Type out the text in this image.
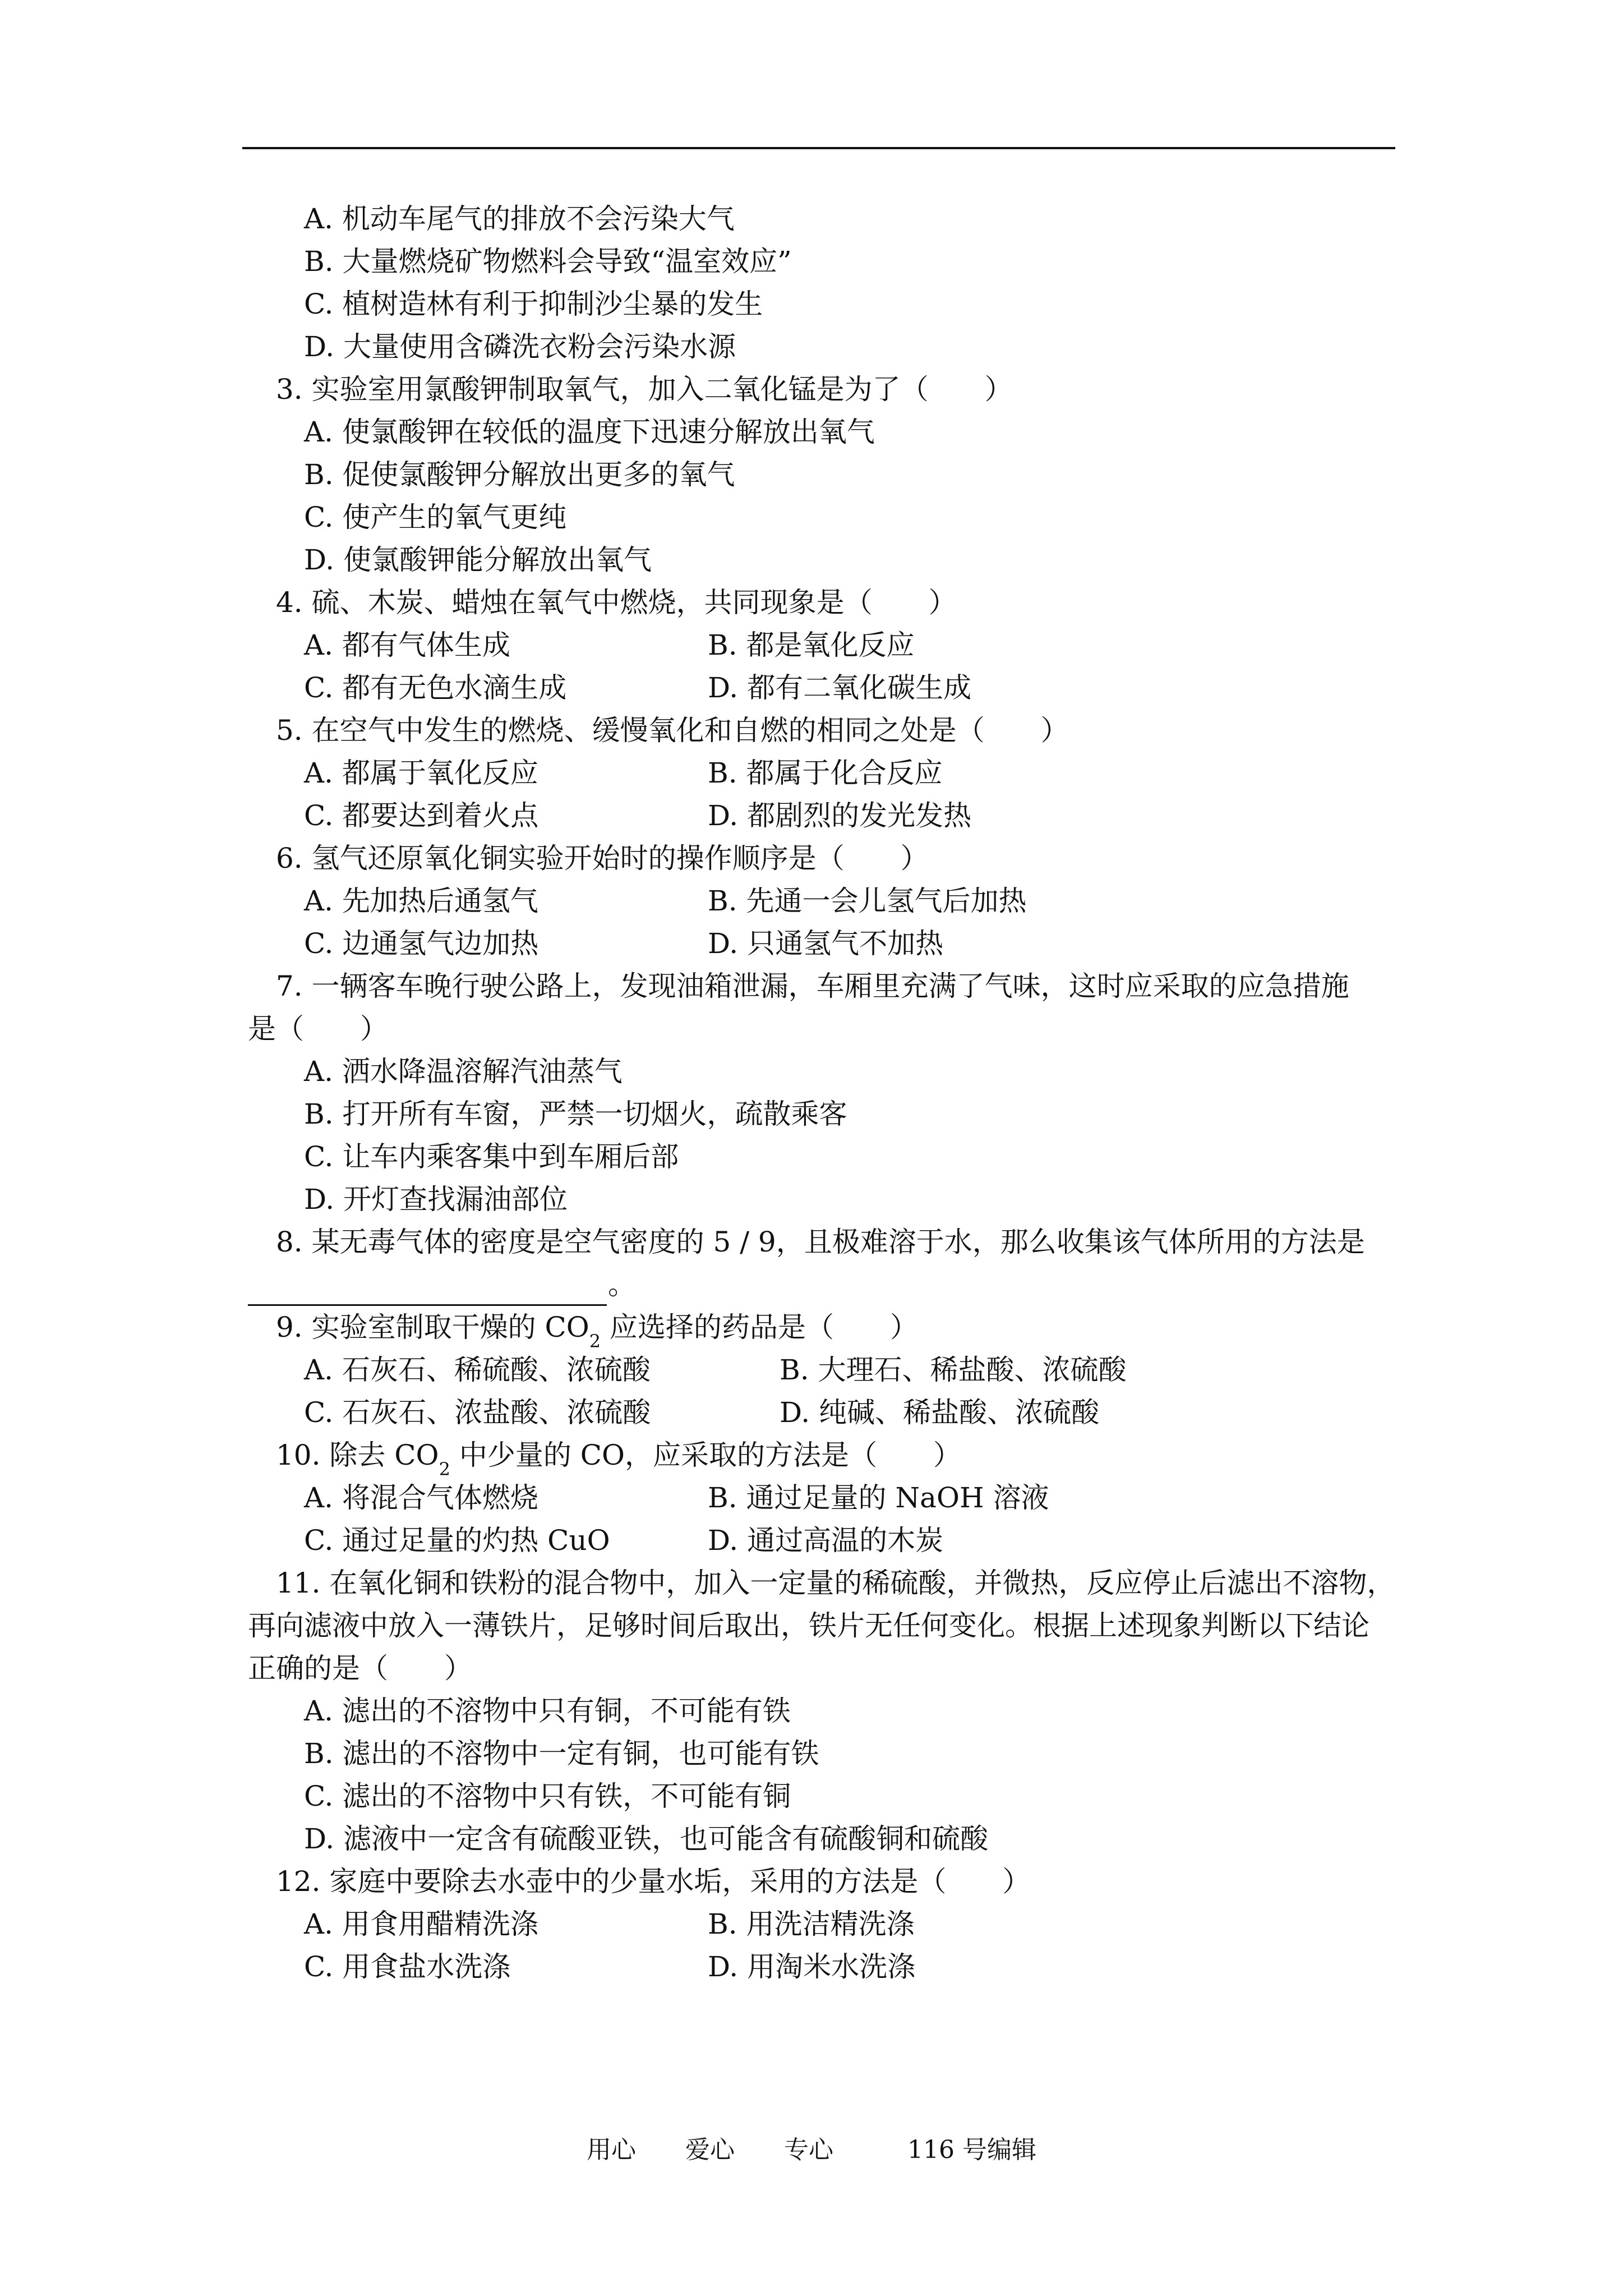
A. 机动车尾气的排放不会污染大气
B. 大量燃烧矿物燃料会导致“温室效应”
C. 植树造林有利于抑制沙尘暴的发生
D. 大量使用含磷洗衣粉会污染水源
3. 实验室用氯酸钾制取氧气，加入二氧化锰是为了（　　）
A. 使氯酸钾在较低的温度下迅速分解放出氧气
B. 促使氯酸钾分解放出更多的氧气
C. 使产生的氧气更纯
D. 使氯酸钾能分解放出氧气
4. 硫、木炭、蜡烛在氧气中燃烧，共同现象是（　　）
A. 都有气体生成	B. 都是氧化反应
C. 都有无色水滴生成	D. 都有二氧化碳生成
5. 在空气中发生的燃烧、缓慢氧化和自燃的相同之处是（　　）
A. 都属于氧化反应	B. 都属于化合反应
C. 都要达到着火点	D. 都剧烈的发光发热
6. 氢气还原氧化铜实验开始时的操作顺序是（　　）
A. 先加热后通氢气	B. 先通一会儿氢气后加热
C. 边通氢气边加热	D. 只通氢气不加热
7. 一辆客车晚行驶公路上，发现油箱泄漏，车厢里充满了气味，这时应采取的应急措施
是（　　）
A. 洒水降温溶解汽油蒸气
B. 打开所有车窗，严禁一切烟火，疏散乘客
C. 让车内乘客集中到车厢后部
D. 开灯查找漏油部位
8. 某无毒气体的密度是空气密度的 5 / 9，且极难溶于水，那么收集该气体所用的方法是
。
9. 实验室制取干燥的 $CO_2$ 应选择的药品是（　　）
A. 石灰石、稀硫酸、浓硫酸	B. 大理石、稀盐酸、浓硫酸
C. 石灰石、浓盐酸、浓硫酸	D. 纯碱、稀盐酸、浓硫酸
10. 除去 $CO_2$ 中少量的 CO，应采取的方法是（　　）
A. 将混合气体燃烧	B. 通过足量的 NaOH 溶液
C. 通过足量的灼热 CuO	D. 通过高温的木炭
11. 在氧化铜和铁粉的混合物中，加入一定量的稀硫酸，并微热，反应停止后滤出不溶物，
再向滤液中放入一薄铁片，足够时间后取出，铁片无任何变化。根据上述现象判断以下结论
正确的是（　　）
A. 滤出的不溶物中只有铜，不可能有铁
B. 滤出的不溶物中一定有铜，也可能有铁
C. 滤出的不溶物中只有铁，不可能有铜
D. 滤液中一定含有硫酸亚铁，也可能含有硫酸铜和硫酸
12. 家庭中要除去水壶中的少量水垢，采用的方法是（　　）
A. 用食用醋精洗涤	B. 用洗洁精洗涤
C. 用食盐水洗涤	D. 用淘米水洗涤
用心　　爱心　　专心　　　116 号编辑
